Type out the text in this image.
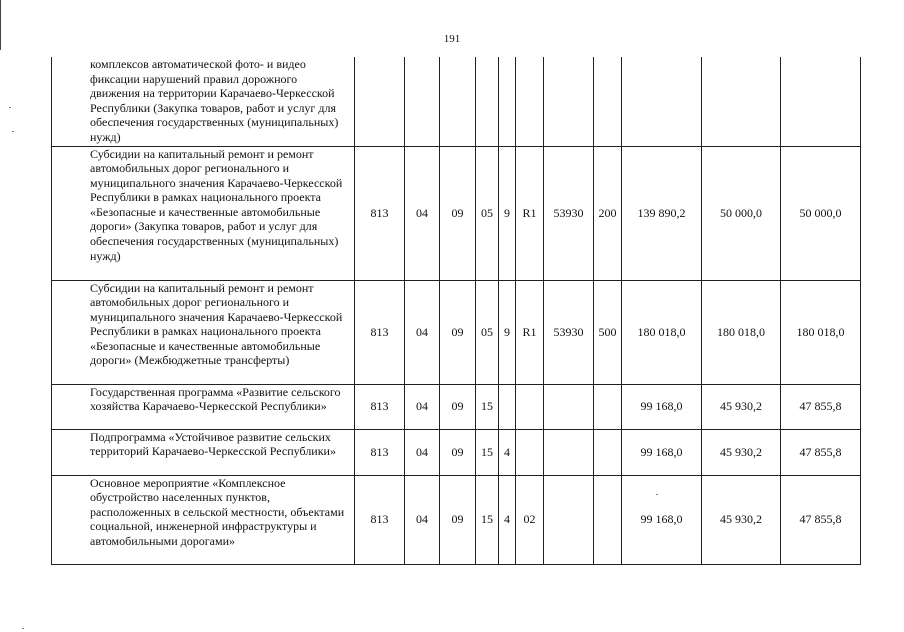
191
комплексов автоматической фото- и видео фиксации нарушений правил дорожного движения на территории Карачаево-Черкесской Республики (Закупка товаров, работ и услуг для обеспечения государственных (муниципальных) нужд)											
Субсидии на капитальный ремонт и ремонт автомобильных дорог регионального и муниципального значения Карачаево-Черкесской Республики в рамках национального проекта «Безопасные и качественные автомобильные дороги» (Закупка товаров, работ и услуг для обеспечения государственных (муниципальных) нужд)	813	04	09	05	9	R1	53930	200	139 890,2	50 000,0	50 000,0
Субсидии на капитальный ремонт и ремонт автомобильных дорог регионального и муниципального значения Карачаево-Черкесской Республики в рамках национального проекта «Безопасные и качественные автомобильные дороги» (Межбюджетные трансферты)	813	04	09	05	9	R1	53930	500	180 018,0	180 018,0	180 018,0
Государственная программа «Развитие сельского хозяйства Карачаево-Черкесской Республики»	813	04	09	15					99 168,0	45 930,2	47 855,8
Подпрограмма «Устойчивое развитие сельских территорий Карачаево-Черкесской Республики»	813	04	09	15	4				99 168,0	45 930,2	47 855,8
Основное мероприятие «Комплексное обустройство населенных пунктов, расположенных в сельской местности, объектами социальной, инженерной инфраструктуры и автомобильными дорогами»	813	04	09	15	4	02			99 168,0	45 930,2	47 855,8
